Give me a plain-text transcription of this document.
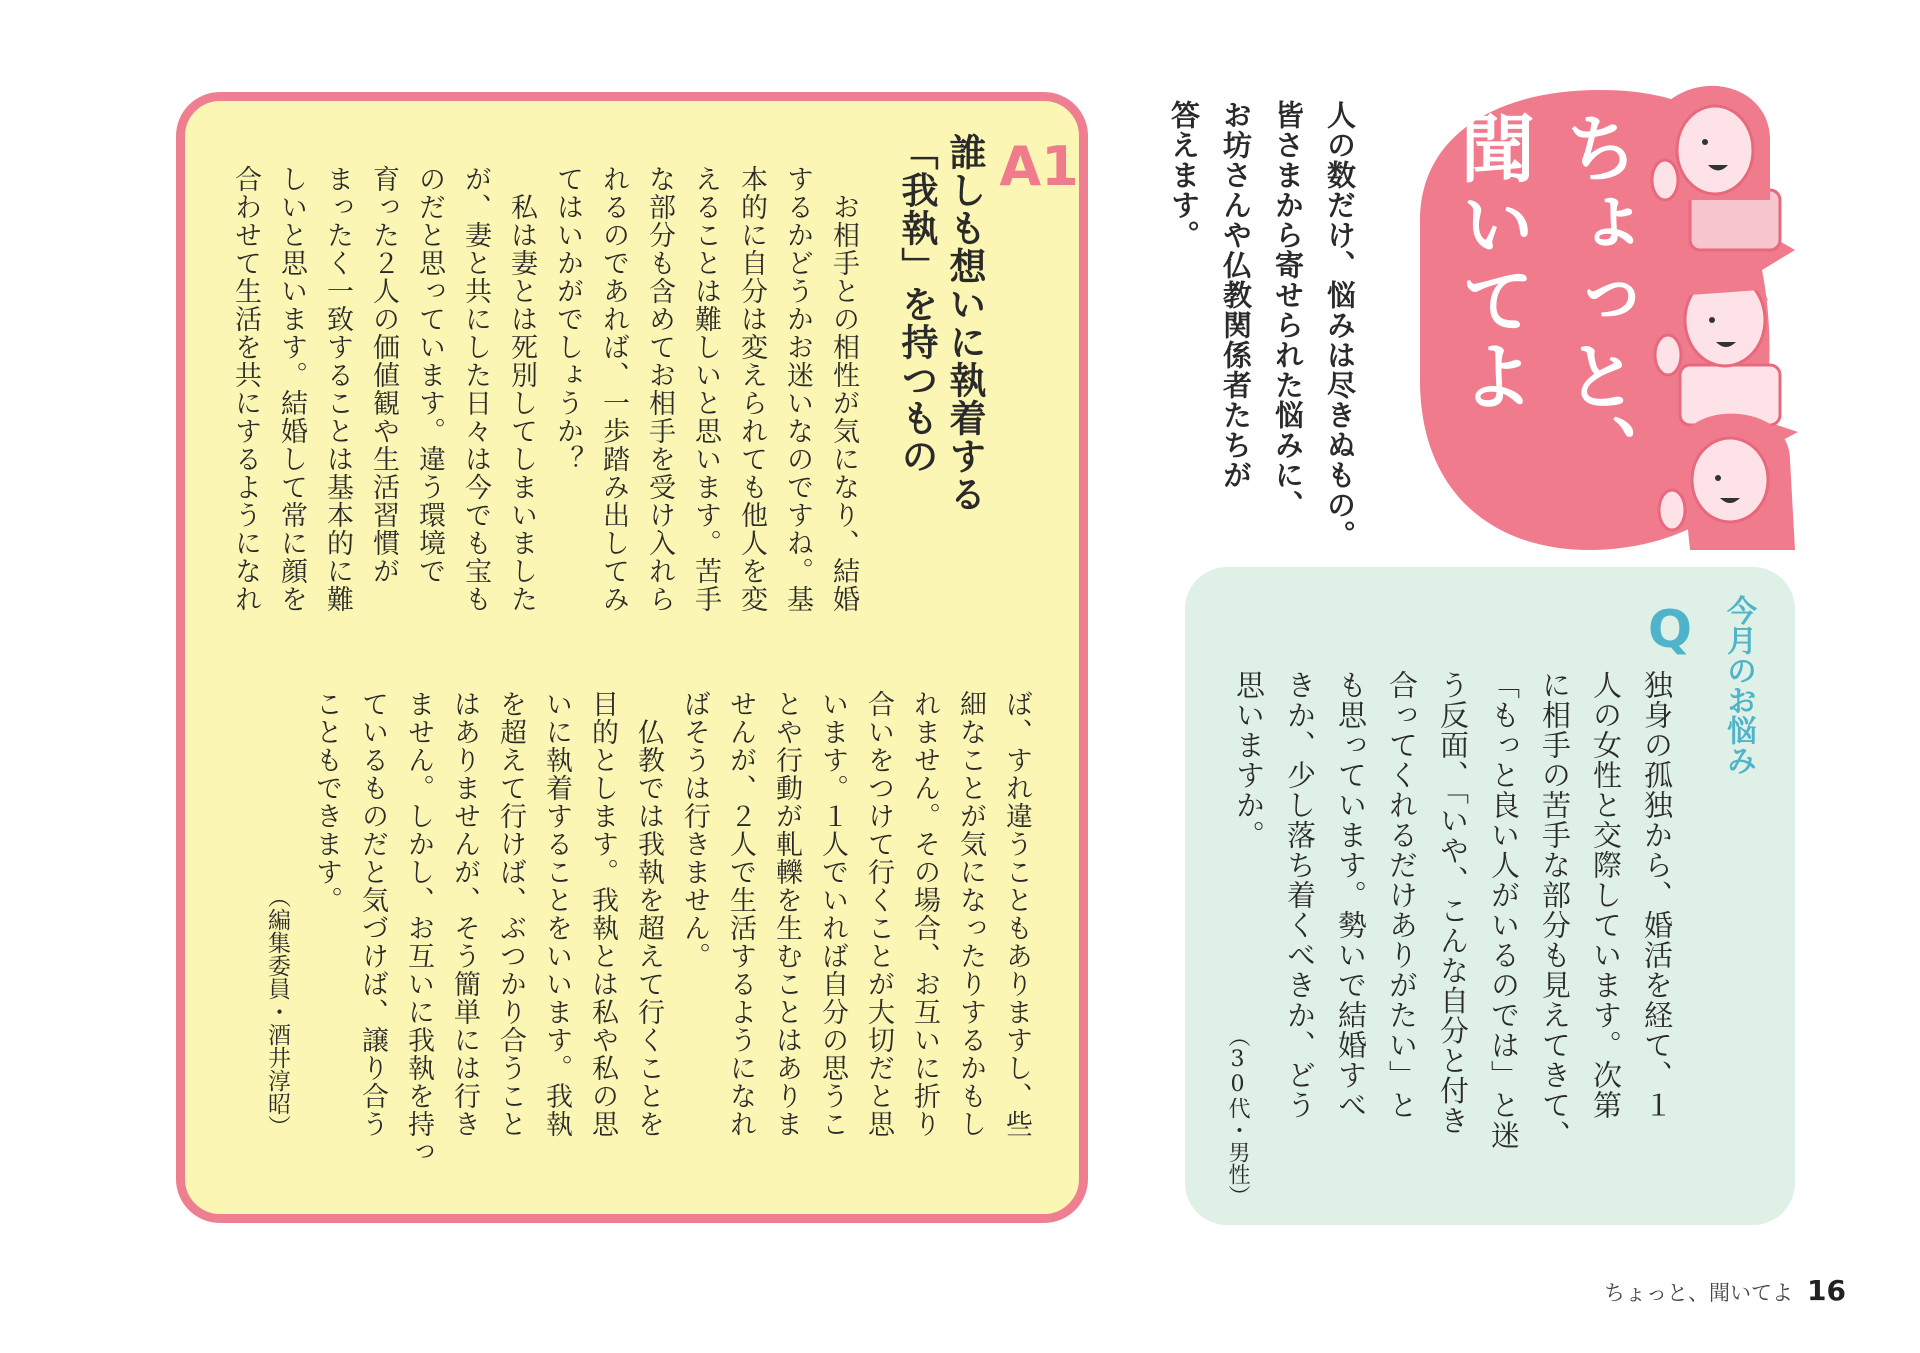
A1
誰しも想いに執着する
「我執」を持つもの
　お相手との相性が気になり、結婚
するかどうかお迷いなのですね。基
本的に自分は変えられても他人を変
えることは難しいと思います。苦手
な部分も含めてお相手を受け入れら
れるのであれば、一歩踏み出してみ
てはいかがでしょうか？
　私は妻とは死別してしまいました
が、妻と共にした日々は今でも宝も
のだと思っています。違う環境で
育った２人の価値観や生活習慣が
まったく一致することは基本的に難
しいと思います。結婚して常に顔を
合わせて生活を共にするようになれ
ば、すれ違うこともありますし、些
細なことが気になったりするかもし
れません。その場合、お互いに折り
合いをつけて行くことが大切だと思
います。１人でいれば自分の思うこ
とや行動が軋轢を生むことはありま
せんが、２人で生活するようになれ
ばそうは行きません。
　仏教では我執を超えて行くことを
目的とします。我執とは私や私の思
いに執着することをいいます。我執
を超えて行けば、ぶつかり合うこと
はありませんが、そう簡単には行き
ません。しかし、お互いに我執を持っ
ているものだと気づけば、譲り合う
こともできます。
（編集委員・酒井淳昭）
ちょっと、
聞いてよ
人の数だけ、悩みは尽きぬもの。
皆さまから寄せられた悩みに、
お坊さんや仏教関係者たちが
答えます。
今月のお悩み
Q
独身の孤独から、婚活を経て、１
人の女性と交際しています。次第
に相手の苦手な部分も見えてきて、
「もっと良い人がいるのでは」と迷
う反面、「いや、こんな自分と付き
合ってくれるだけありがたい」と
も思っています。勢いで結婚すべ
きか、少し落ち着くべきか、どう
思いますか。
（30代・男性）
ちょっと、聞いてよ 16
